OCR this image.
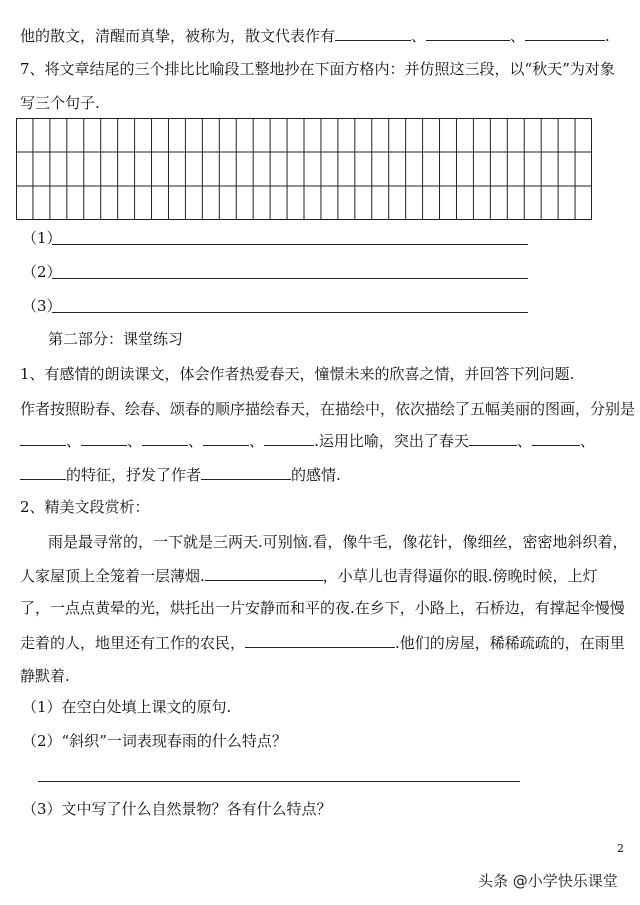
他的散文，清醒而真挚，被称为，散文代表作有	、	、	.
7、将文章结尾的三个排比比喻段工整地抄在下面方格内：并仿照这三段，以“秋天”为对象
写三个句子.
（1）
（2）
（3）
第二部分：课堂练习
1、有感情的朗读课文，体会作者热爱春天，憧憬未来的欣喜之情，并回答下列问题.
作者按照盼春、绘春、颂春的顺序描绘春天，在描绘中，依次描绘了五幅美丽的图画，分别是
、	、	、	、	.运用比喻，突出了春天	、	、
的特征，抒发了作者	的感情.
2、精美文段赏析：
雨是最寻常的，一下就是三两天.可别恼.看，像牛毛，像花针，像细丝，密密地斜织着，
人家屋顶上全笼着一层薄烟.	，小草儿也青得逼你的眼.傍晚时候，上灯
了，一点点黄晕的光，烘托出一片安静而和平的夜.在乡下，小路上，石桥边，有撑起伞慢慢
走着的人，地里还有工作的农民，	.他们的房屋，稀稀疏疏的，在雨里
静默着.
（1）在空白处填上课文的原句.
（2）“斜织”一词表现春雨的什么特点？
（3）文中写了什么自然景物？各有什么特点？
2
头条 @小学快乐课堂
